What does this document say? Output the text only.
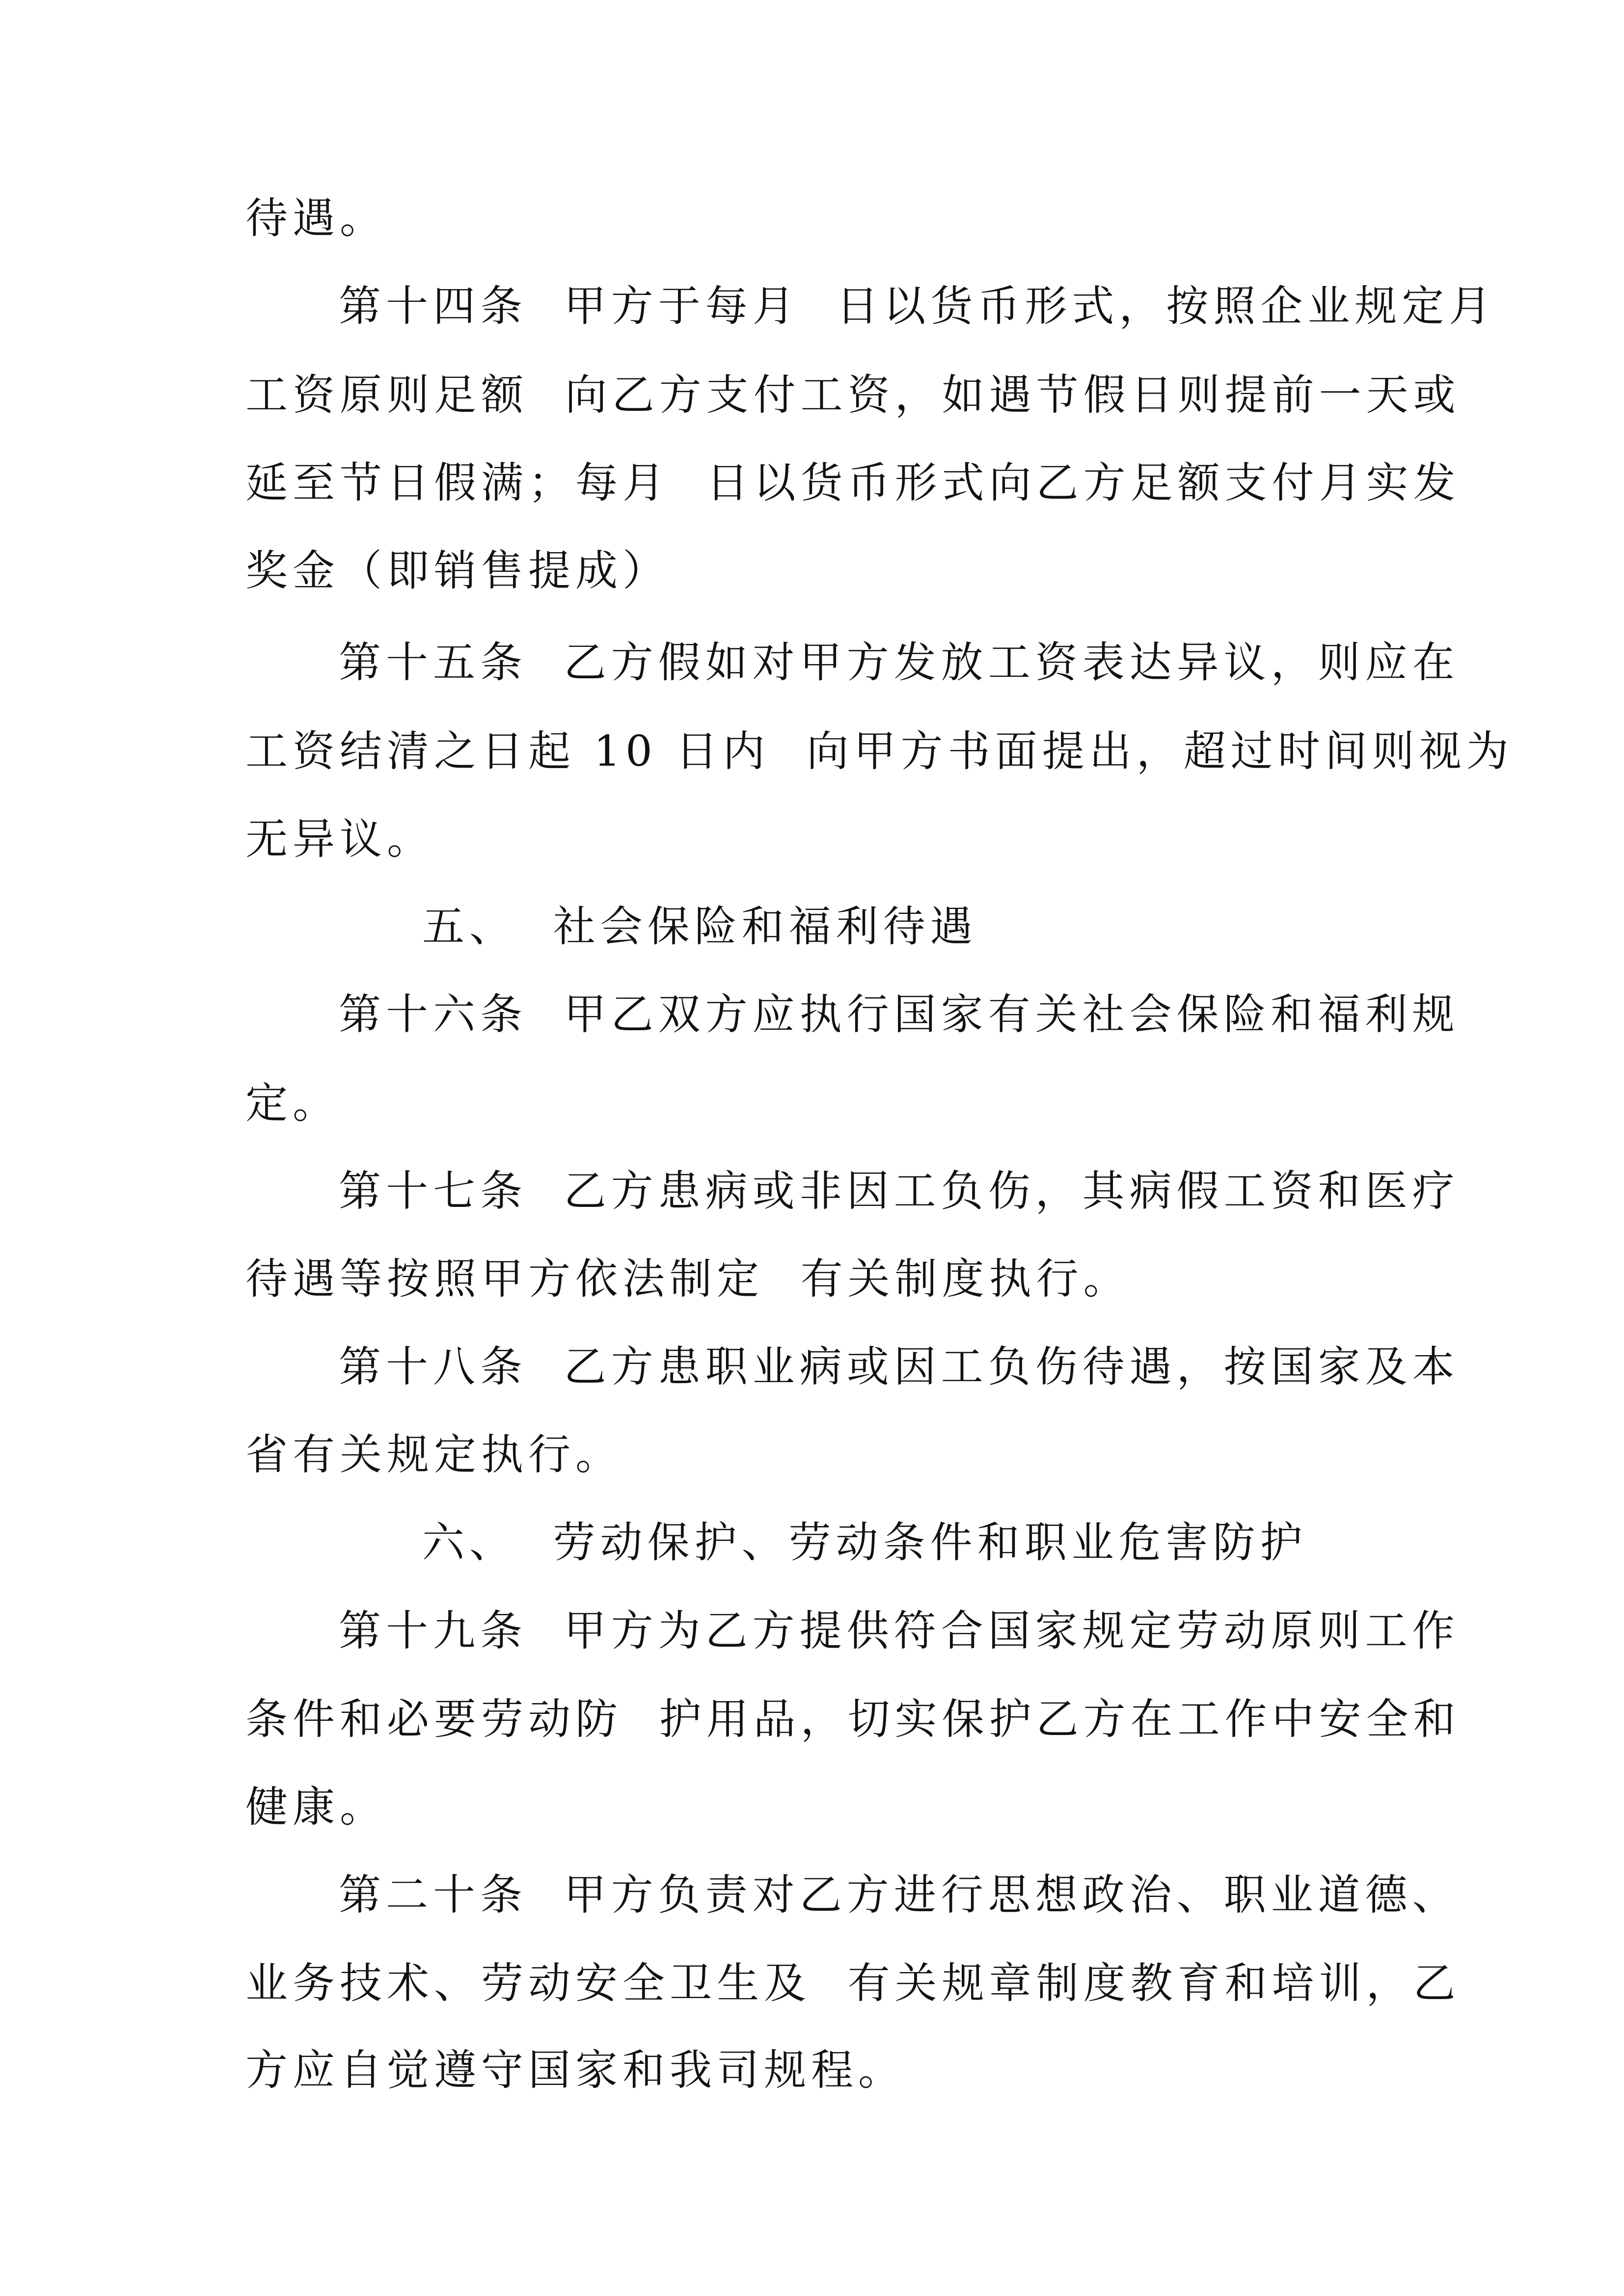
待遇。
第十四条  甲方于每月  日以货币形式，按照企业规定月
工资原则足额  向乙方支付工资，如遇节假日则提前一天或
延至节日假满；每月  日以货币形式向乙方足额支付月实发
奖金（即销售提成）
第十五条  乙方假如对甲方发放工资表达异议，则应在
工资结清之日起 10 日内  向甲方书面提出，超过时间则视为
无异议。
五、  社会保险和福利待遇
第十六条  甲乙双方应执行国家有关社会保险和福利规
定。
第十七条  乙方患病或非因工负伤，其病假工资和医疗
待遇等按照甲方依法制定  有关制度执行。
第十八条  乙方患职业病或因工负伤待遇，按国家及本
省有关规定执行。
六、  劳动保护、劳动条件和职业危害防护
第十九条  甲方为乙方提供符合国家规定劳动原则工作
条件和必要劳动防  护用品，切实保护乙方在工作中安全和
健康。
第二十条  甲方负责对乙方进行思想政治、职业道德、
业务技术、劳动安全卫生及  有关规章制度教育和培训，乙
方应自觉遵守国家和我司规程。
